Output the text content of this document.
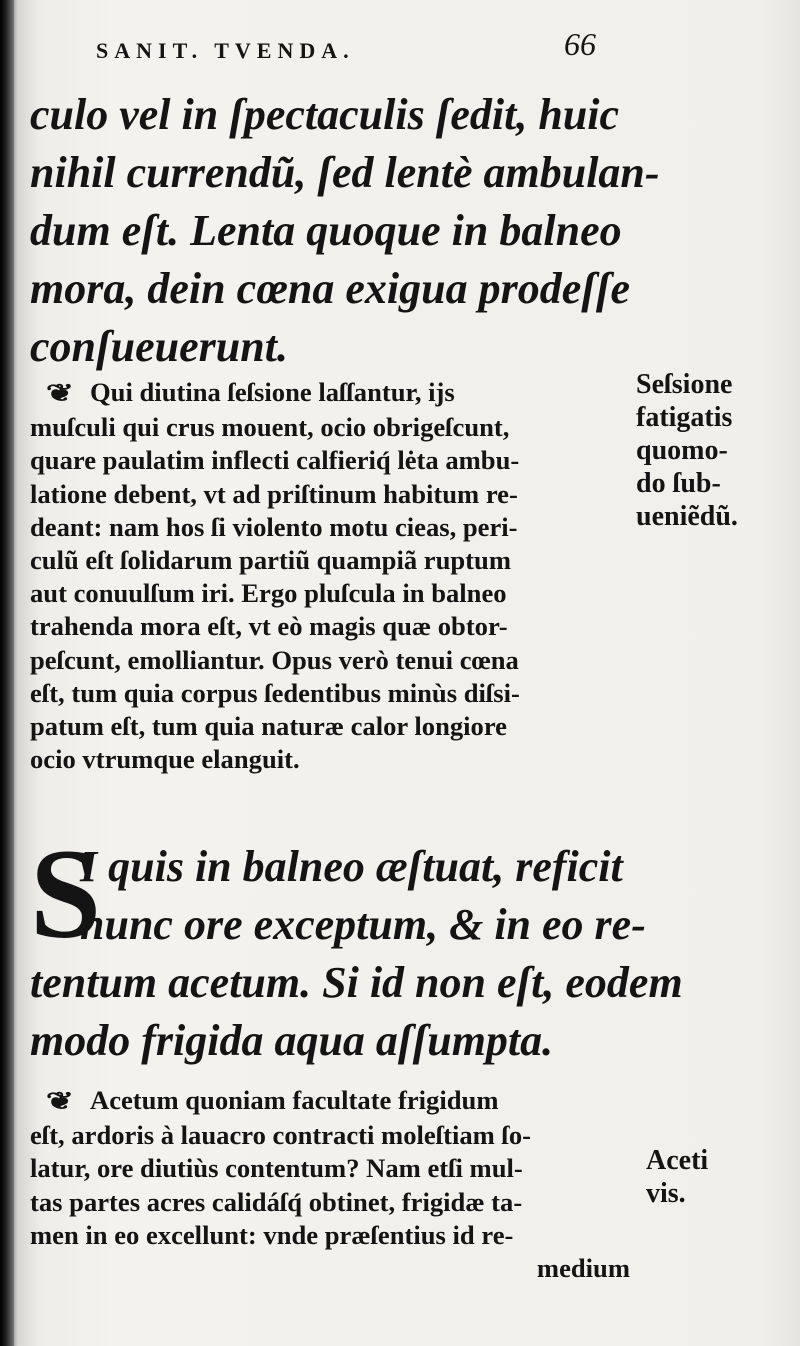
SANIT. TVENDA.	66
culo vel in ſpectaculis ſedit, huic
nihil currendũ, ſed lentè ambulan-
dum eſt. Lenta quoque in balneo
mora, dein cœna exigua prodeſſe
conſueuerunt.
❦ Qui diutina ſeſsione laſſantur, ijs
muſculi qui crus mouent, ocio obrigeſcunt,
quare paulatim inflecti calfieriq́ lėta ambu-
latione debent, vt ad priſtinum habitum re-
deant: nam hos ſi violento motu cieas, peri-
culũ eſt ſolidarum partiũ quampiã ruptum
aut conuulſum iri. Ergo pluſcula in balneo
trahenda mora eſt, vt eò magis quæ obtor-
peſcunt, emolliantur. Opus verò tenui cœna
eſt, tum quia corpus ſedentibus minùs diſsi-
patum eſt, tum quia naturæ calor longiore
ocio vtrumque elanguit.
Seſsione
fatigatis
quomo-
do ſub-
ueniẽdũ.
S
I quis in balneo æſtuat, reficit
hunc ore exceptum, & in eo re-
tentum acetum. Si id non eſt, eodem
modo frigida aqua aſſumpta.
❦ Acetum quoniam facultate frigidum
eſt, ardoris à lauacro contracti moleſtiam ſo-
latur, ore diutiùs contentum? Nam etſi mul-
tas partes acres calidáſq́ obtinet, frigidæ ta-
men in eo excellunt: vnde præſentius id re-
medium
Aceti
vis.
